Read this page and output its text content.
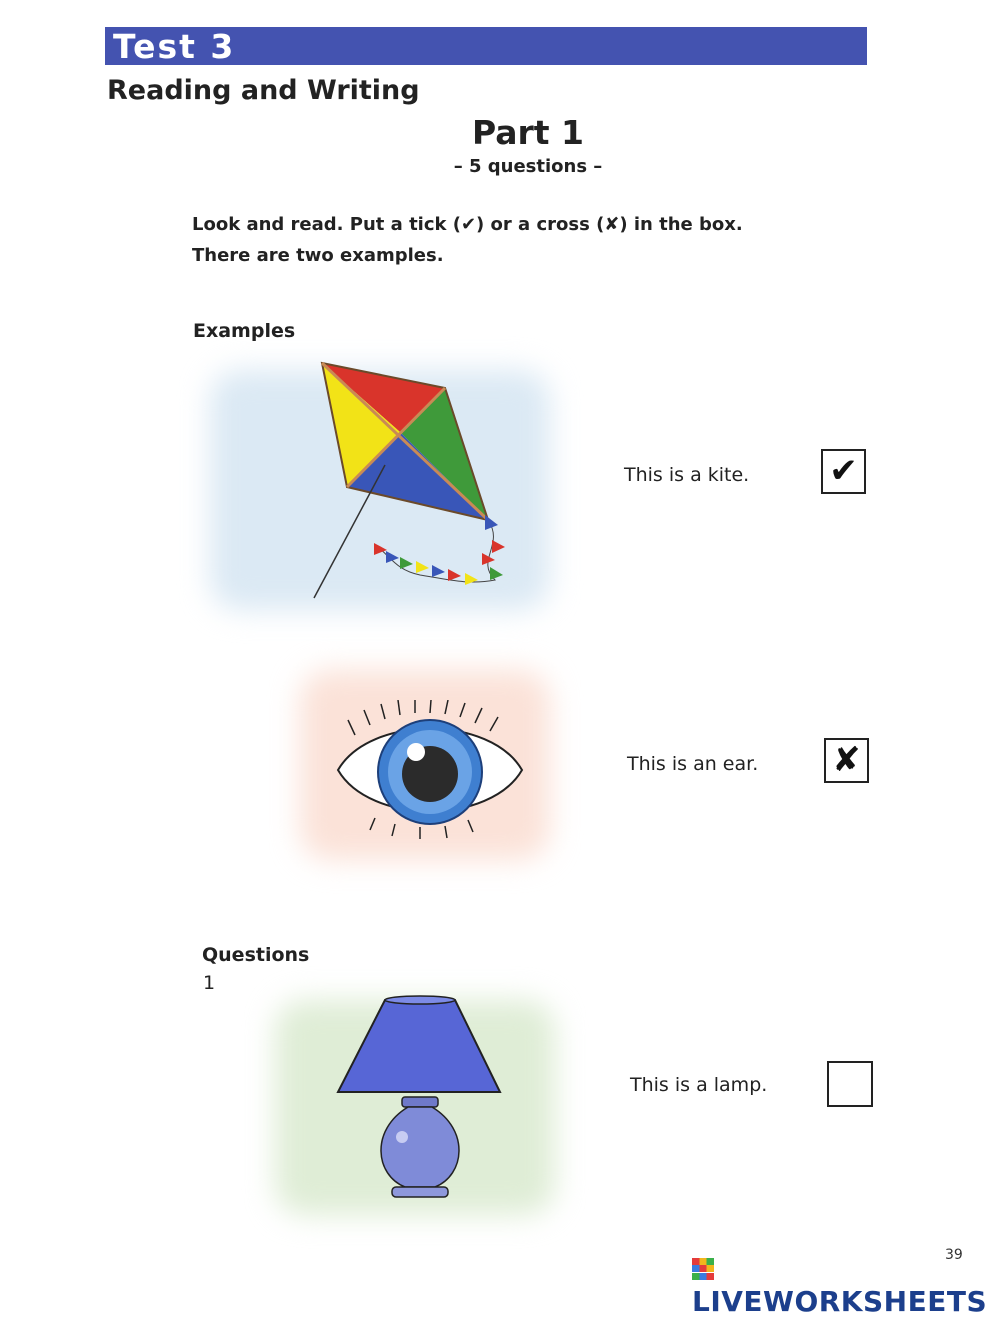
Test 3
Reading and Writing
Part 1
– 5 questions –
Look and read. Put a tick (✔) or a cross (✘) in the box.
There are two examples.
Examples
This is a kite. ✔
This is an ear. ✘
Questions
1
This is a lamp.
LIVEWORKSHEETS
39
